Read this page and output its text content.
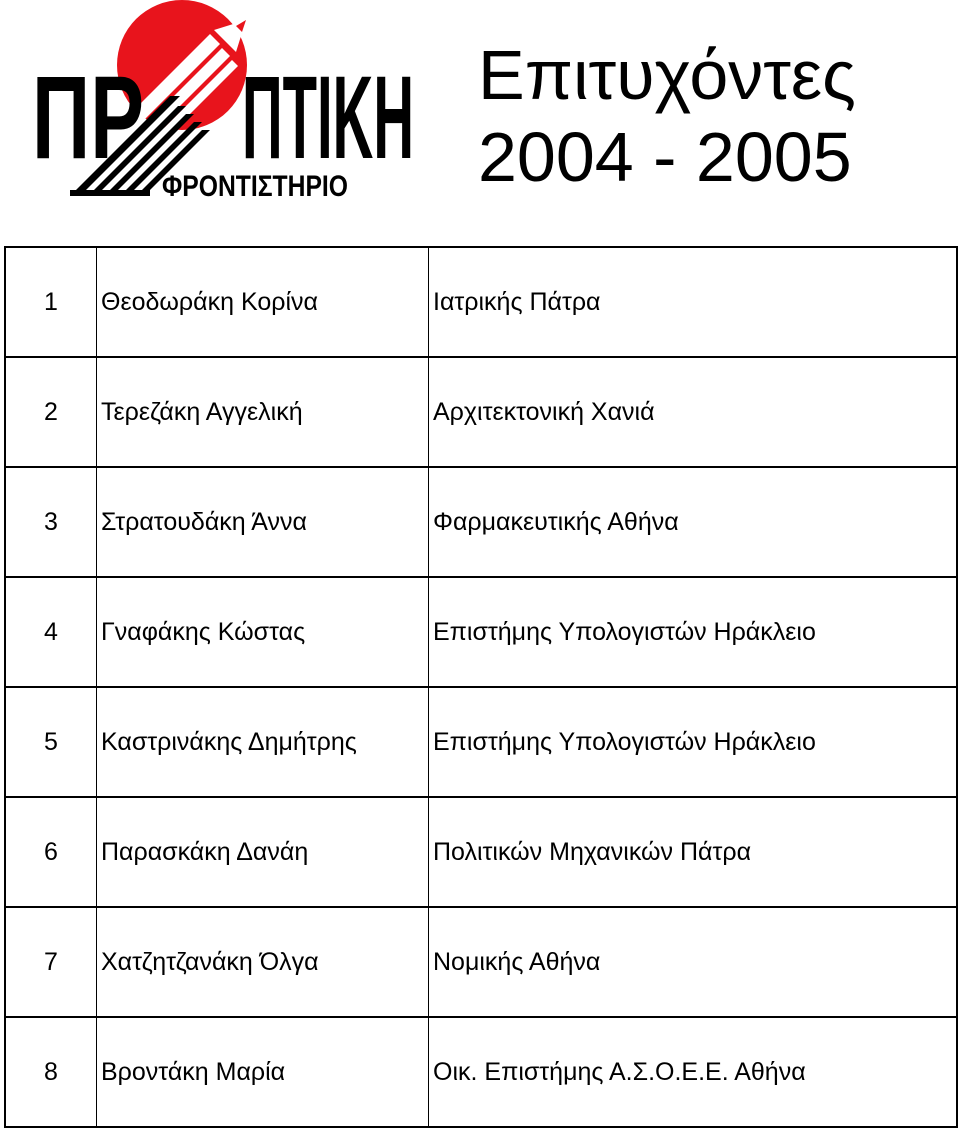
ΠΡ ΠΤΙΚΗ
ΦΡΟΝΤΙΣΤΗΡΙΟ
Επιτυχόντες
2004 - 2005
1	Θεοδωράκη Κορίνα	Ιατρικής Πάτρα
2	Τερεζάκη Αγγελική	Αρχιτεκτονική Χανιά
3	Στρατουδάκη Άννα	Φαρμακευτικής Αθήνα
4	Γναφάκης Κώστας	Επιστήμης Υπολογιστών Ηράκλειο
5	Καστρινάκης Δημήτρης	Επιστήμης Υπολογιστών Ηράκλειο
6	Παρασκάκη Δανάη	Πολιτικών Μηχανικών Πάτρα
7	Χατζητζανάκη Όλγα	Νομικής Αθήνα
8	Βροντάκη Μαρία	Οικ. Επιστήμης Α.Σ.Ο.Ε.Ε. Αθήνα
